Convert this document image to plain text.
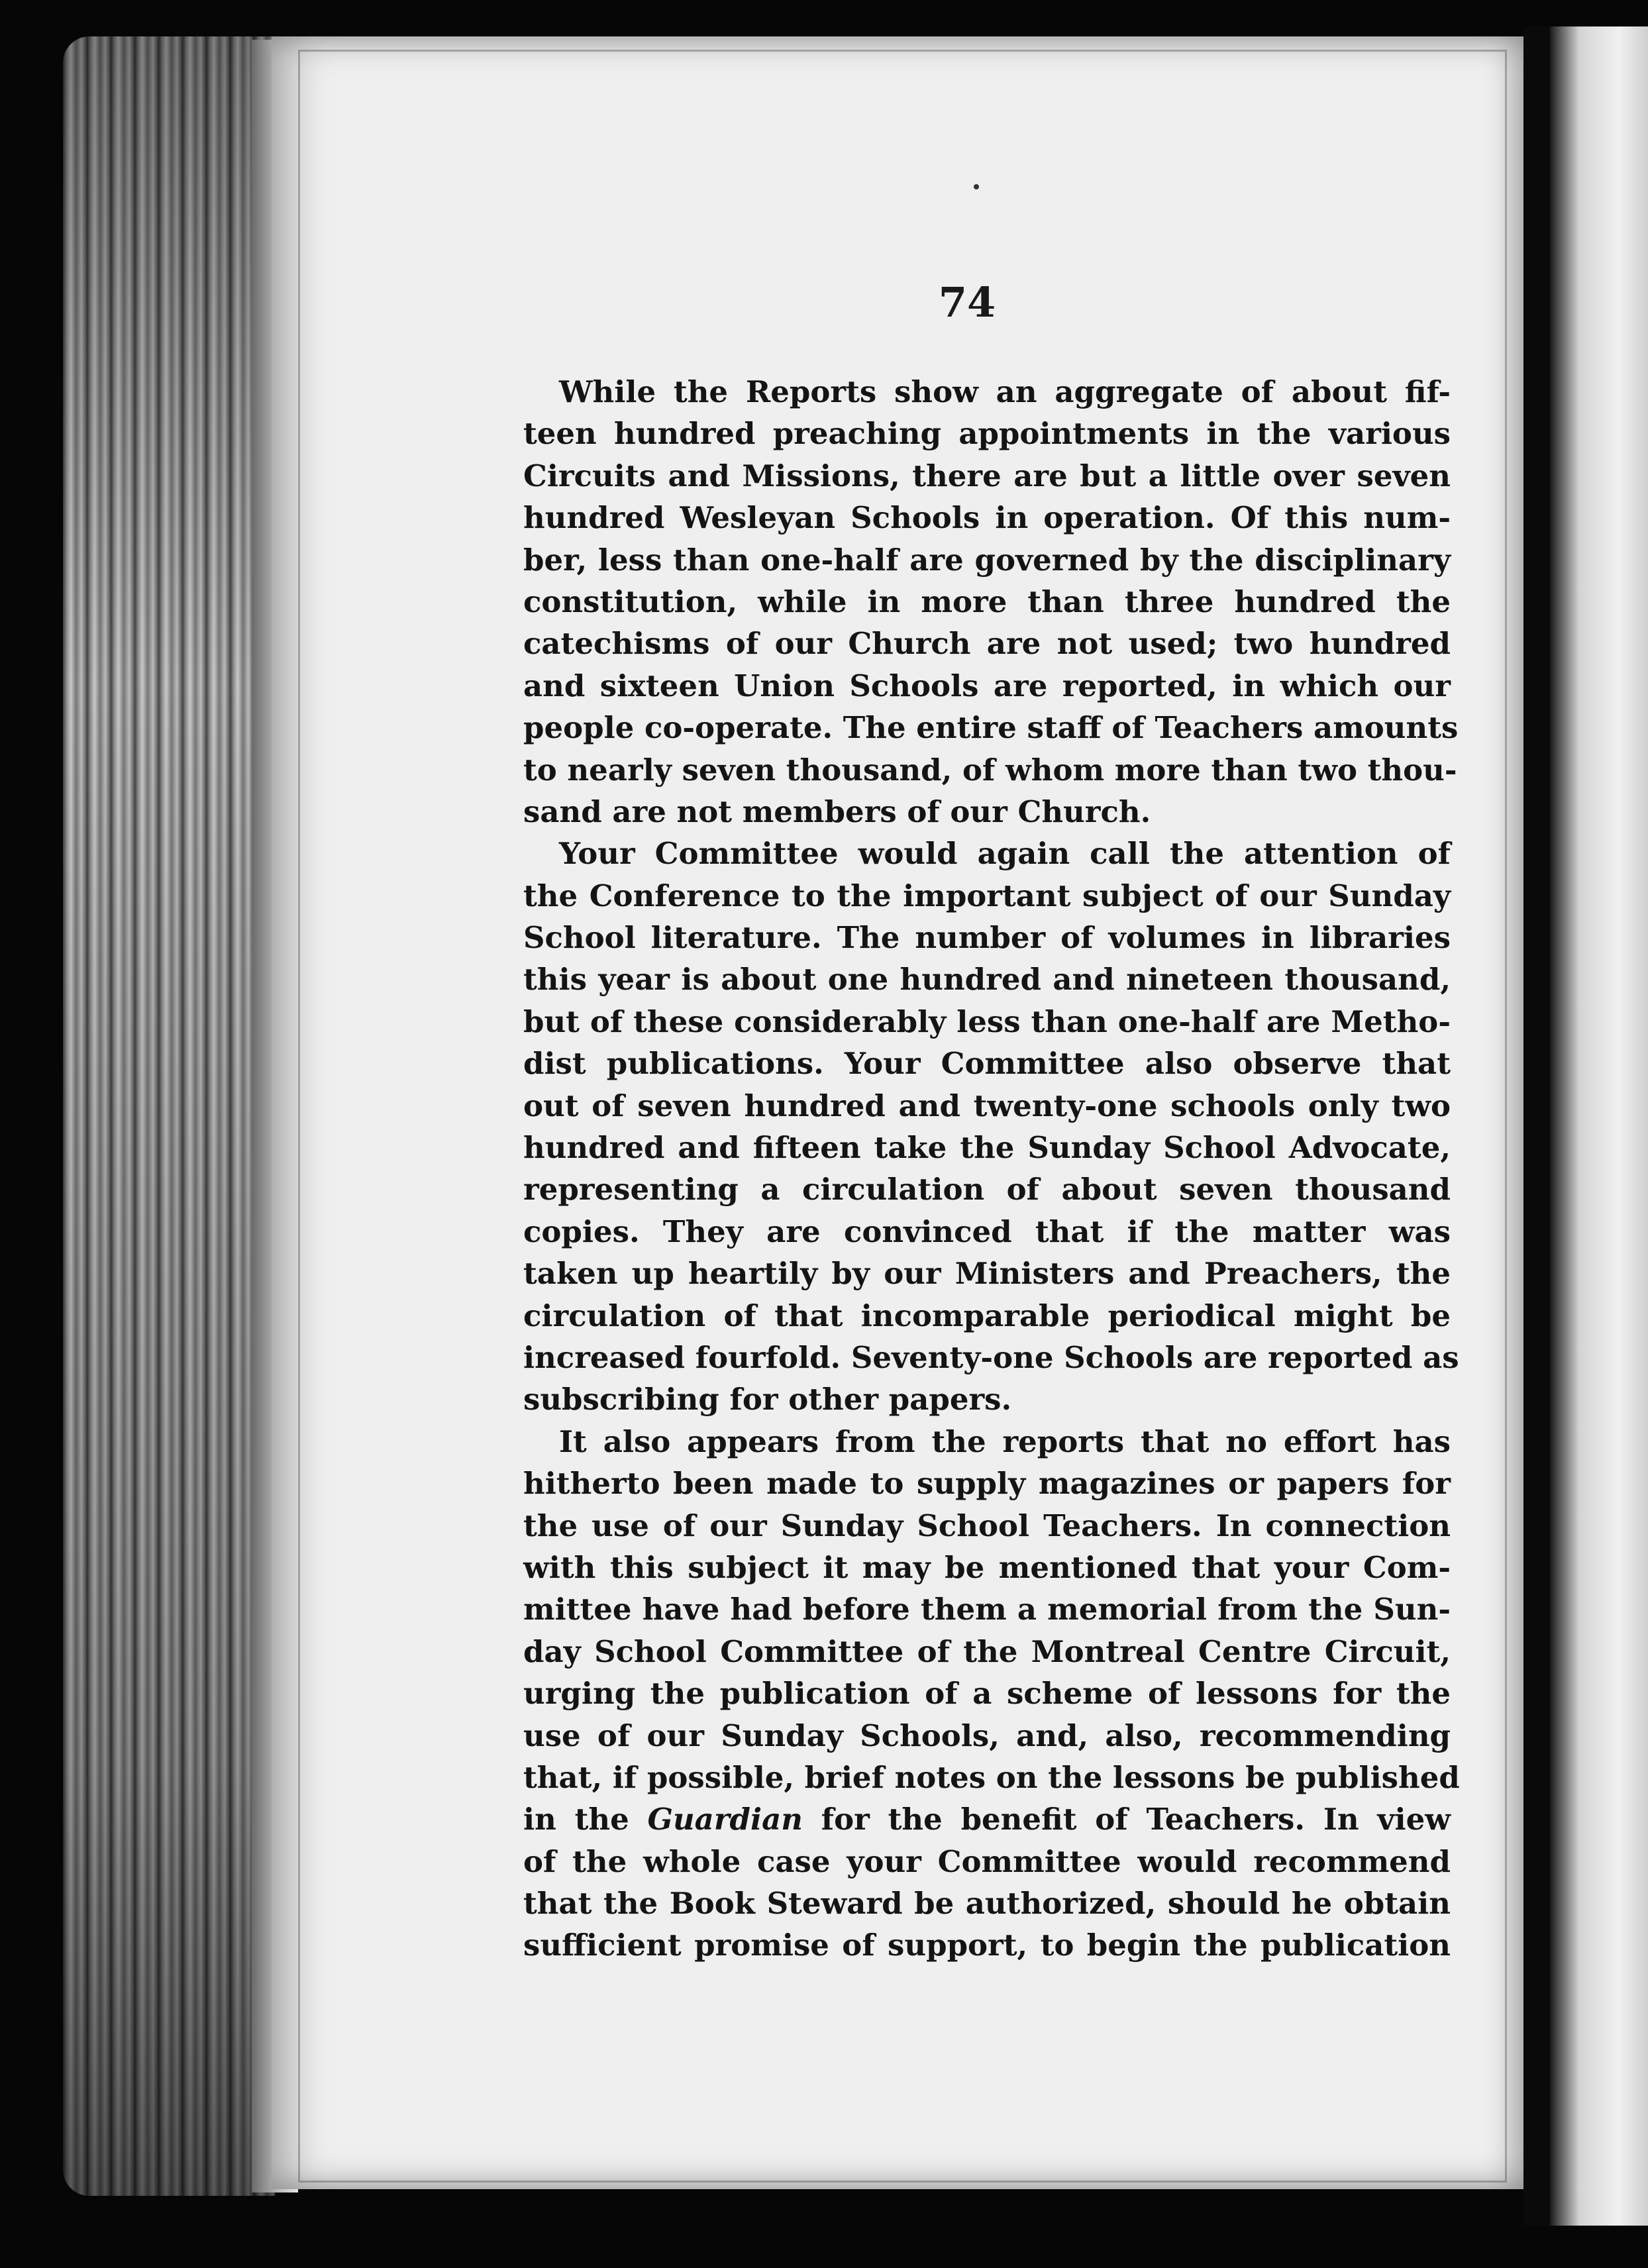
74
While the Reports show an aggregate of about fif-
teen hundred preaching appointments in the various
Circuits and Missions, there are but a little over seven
hundred Wesleyan Schools in operation. Of this num-
ber, less than one-half are governed by the disciplinary
constitution, while in more than three hundred the
catechisms of our Church are not used; two hundred
and sixteen Union Schools are reported, in which our
people co-operate. The entire staff of Teachers amounts
to nearly seven thousand, of whom more than two thou-
sand are not members of our Church.
Your Committee would again call the attention of
the Conference to the important subject of our Sunday
School literature. The number of volumes in libraries
this year is about one hundred and nineteen thousand,
but of these considerably less than one-half are Metho-
dist publications. Your Committee also observe that
out of seven hundred and twenty-one schools only two
hundred and fifteen take the Sunday School Advocate,
representing a circulation of about seven thousand
copies. They are convinced that if the matter was
taken up heartily by our Ministers and Preachers, the
circulation of that incomparable periodical might be
increased fourfold. Seventy-one Schools are reported as
subscribing for other papers.
It also appears from the reports that no effort has
hitherto been made to supply magazines or papers for
the use of our Sunday School Teachers. In connection
with this subject it may be mentioned that your Com-
mittee have had before them a memorial from the Sun-
day School Committee of the Montreal Centre Circuit,
urging the publication of a scheme of lessons for the
use of our Sunday Schools, and, also, recommending
that, if possible, brief notes on the lessons be published
in the Guardian for the benefit of Teachers. In view
of the whole case your Committee would recommend
that the Book Steward be authorized, should he obtain
sufficient promise of support, to begin the publication
